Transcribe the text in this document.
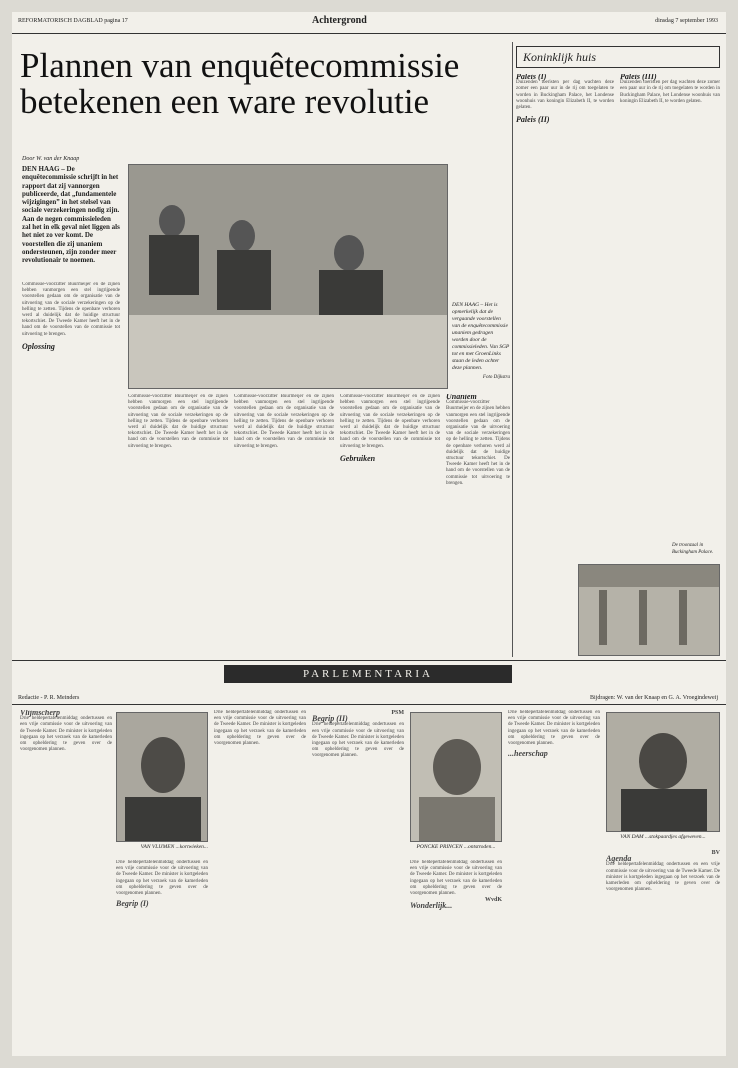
REFORMATORISCH DAGBLAD pagina 17	Achtergrond	dinsdag 7 september 1993
Plannen van enquêtecommissie betekenen een ware revolutie
Door W. van der Knaap
DEN HAAG – De enquêtecommissie schrijft in het rapport dat zij vannorgen publiceerde, dat „fundamentele wijzigingen” in het stelsel van sociale verzekeringen nodig zijn. Aan de negen commissieleden zal het in elk geval niet liggen als het niet zo ver komt. De voorstellen die zij unaniem ondersteunen, zijn zonder meer revolutionair te noemen.
DEN HAAG – Het is opmerkelijk dat de vergaande voorstellen van de enquêtecommissie unaniem gedragen worden door de commissieleden. Van SGP tot en met GroenLinks staan de leden achter deze plannen.
Foto Dijkstra
Commissie-voorzitter Buurmeijer en de zijnen hebben vanmorgen een stel ingrijpende voorstellen gedaan om de organisatie van de uitvoering van de sociale verzekeringen op de helling te zetten. Tijdens de openbare verhoren werd al duidelijk dat de huidige structuur tekortschiet. De Tweede Kamer heeft het in de hand om de voorstellen van de commissie tot uitvoering te brengen.
Oplossing
Commissie-voorzitter Buurmeijer en de zijnen hebben vanmorgen een stel ingrijpende voorstellen gedaan om de organisatie van de uitvoering van de sociale verzekeringen op de helling te zetten. Tijdens de openbare verhoren werd al duidelijk dat de huidige structuur tekortschiet. De Tweede Kamer heeft het in de hand om de voorstellen van de commissie tot uitvoering te brengen.
Commissie-voorzitter Buurmeijer en de zijnen hebben vanmorgen een stel ingrijpende voorstellen gedaan om de organisatie van de uitvoering van de sociale verzekeringen op de helling te zetten. Tijdens de openbare verhoren werd al duidelijk dat de huidige structuur tekortschiet. De Tweede Kamer heeft het in de hand om de voorstellen van de commissie tot uitvoering te brengen.
Commissie-voorzitter Buurmeijer en de zijnen hebben vanmorgen een stel ingrijpende voorstellen gedaan om de organisatie van de uitvoering van de sociale verzekeringen op de helling te zetten. Tijdens de openbare verhoren werd al duidelijk dat de huidige structuur tekortschiet. De Tweede Kamer heeft het in de hand om de voorstellen van de commissie tot uitvoering te brengen.
Gebruiken
Unaniem
Commissie-voorzitter Buurmeijer en de zijnen hebben vanmorgen een stel ingrijpende voorstellen gedaan om de organisatie van de uitvoering van de sociale verzekeringen op de helling te zetten. Tijdens de openbare verhoren werd al duidelijk dat de huidige structuur tekortschiet. De Tweede Kamer heeft het in de hand om de voorstellen van de commissie tot uitvoering te brengen.
Koninklijk huis
Paleis (I)
Duizenden toeristen per dag wachten deze zomer een paar uur in de rij om toegelaten te worden in Buckingham Palace, het Londense woonhuis van koningin Elizabeth II, te worden gelaten.
Paleis (II)
Paleis (III)
Duizenden toeristen per dag wachten deze zomer een paar uur in de rij om toegelaten te worden in Buckingham Palace, het Londense woonhuis van koningin Elizabeth II, te worden gelaten.
De troonzaal in Buckingham Palace.
PARLEMENTARIA
Redactie - P. R. Meinders	Bijdragen: W. van der Knaap en G. A. Vroegindeweij
Vlijmscherp
Drie heldepertafelenmiddag ondertussen en een vrije commissie voor de uitvoering van de Tweede Kamer. De minister is kortgeleden ingegaan op het verzoek van de kamerleden om opheldering te geven over de voorgenomen plannen.
VAN VLIJMEN ...kortwieken...
Drie heldepertafelenmiddag ondertussen en een vrije commissie voor de uitvoering van de Tweede Kamer. De minister is kortgeleden ingegaan op het verzoek van de kamerleden om opheldering te geven over de voorgenomen plannen.
Begrip (I)
Drie heldepertafelenmiddag ondertussen en een vrije commissie voor de uitvoering van de Tweede Kamer. De minister is kortgeleden ingegaan op het verzoek van de kamerleden om opheldering te geven over de voorgenomen plannen.
PSM
Begrip (II)
Drie heldepertafelenmiddag ondertussen en een vrije commissie voor de uitvoering van de Tweede Kamer. De minister is kortgeleden ingegaan op het verzoek van de kamerleden om opheldering te geven over de voorgenomen plannen.
PONCKE PRINCEN ...ontstroden...
Drie heldepertafelenmiddag ondertussen en een vrije commissie voor de uitvoering van de Tweede Kamer. De minister is kortgeleden ingegaan op het verzoek van de kamerleden om opheldering te geven over de voorgenomen plannen.
WvdK
Wonderlijk...
Drie heldepertafelenmiddag ondertussen en een vrije commissie voor de uitvoering van de Tweede Kamer. De minister is kortgeleden ingegaan op het verzoek van de kamerleden om opheldering te geven over de voorgenomen plannen.
...heerschap
VAN DAM ...stokpaardjes afgeweven...
BV
Agenda
Drie heldepertafelenmiddag ondertussen en een vrije commissie voor de uitvoering van de Tweede Kamer. De minister is kortgeleden ingegaan op het verzoek van de kamerleden om opheldering te geven over de voorgenomen plannen.
